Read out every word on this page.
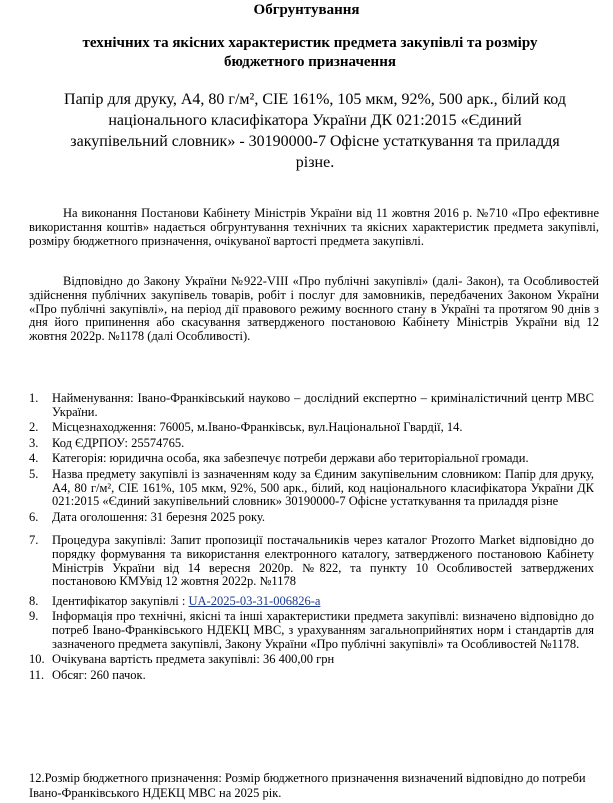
Обгрунтування
технічних та якісних характеристик предмета закупівлі та розміру бюджетного призначення
Папір для друку, А4, 80 г/м², СІЕ 161%, 105 мкм, 92%, 500 арк., білий код національного класифікатора України ДК 021:2015 «Єдиний закупівельний словник» - 30190000-7 Офісне устаткування та приладдя різне.
На виконання Постанови Кабінету Міністрів України від 11 жовтня 2016 р. №710 «Про ефективне використання коштів» надається обгрунтування технічних та якісних характеристик предмета закупівлі, розміру бюджетного призначення, очікуваної вартості предмета закупівлі.
Відповідно до Закону України №922-VIII «Про публічні закупівлі» (далі- Закон), та Особливостей здійснення публічних закупівель товарів, робіт і послуг для замовників, передбачених Законом України «Про публічні закупівлі», на період дії правового режиму воєнного стану в Україні та протягом 90 днів з дня його припинення або скасування затвердженого постановою Кабінету Міністрів України від 12 жовтня 2022р. №1178 (далі Особливості).
1. Найменування: Івано-Франківський науково – дослідний експертно – криміналістичний центр МВС України.
2. Місцезнаходження: 76005, м.Івано-Франківськ, вул.Національної Гвардії, 14.
3. Код ЄДРПОУ: 25574765.
4. Категорія: юридична особа, яка забезпечує потреби держави або територіальної громади.
5. Назва предмету закупівлі із зазначенням коду за Єдиним закупівельним словником: Папір для друку, А4, 80 г/м², СІЕ 161%, 105 мкм, 92%, 500 арк., білий, код національного класифікатора України ДК 021:2015 «Єдиний закупівельний словник» 30190000-7 Офісне устаткування та приладдя різне
6. Дата оголошення: 31 березня 2025 року.
7. Процедура закупівлі: Запит пропозиції постачальників через каталог Prozorro Market відповідно до порядку формування та використання електронного каталогу, затвердженого постановою Кабінету Міністрів України від 14 вересня 2020р. №822, та пункту 10 Особливостей затверджених постановою КМУвід 12 жовтня 2022р. №1178
8. Ідентифікатор закупівлі : UA-2025-03-31-006826-a
9. Інформація про технічні, якісні та інші характеристики предмета закупівлі: визначено відповідно до потреб Івано-Франківського НДЕКЦ МВС, з урахуванням загальноприйнятих норм і стандартів для зазначеного предмета закупівлі, Закону України «Про публічні закупівлі» та Особливостей №1178.
10. Очікувана вартість предмета закупівлі: 36 400,00 грн
11. Обсяг: 260 пачок.
12.Розмір бюджетного призначення: Розмір бюджетного призначення визначений відповідно до потреби Івано-Франківського НДЕКЦ МВС на 2025 рік.
